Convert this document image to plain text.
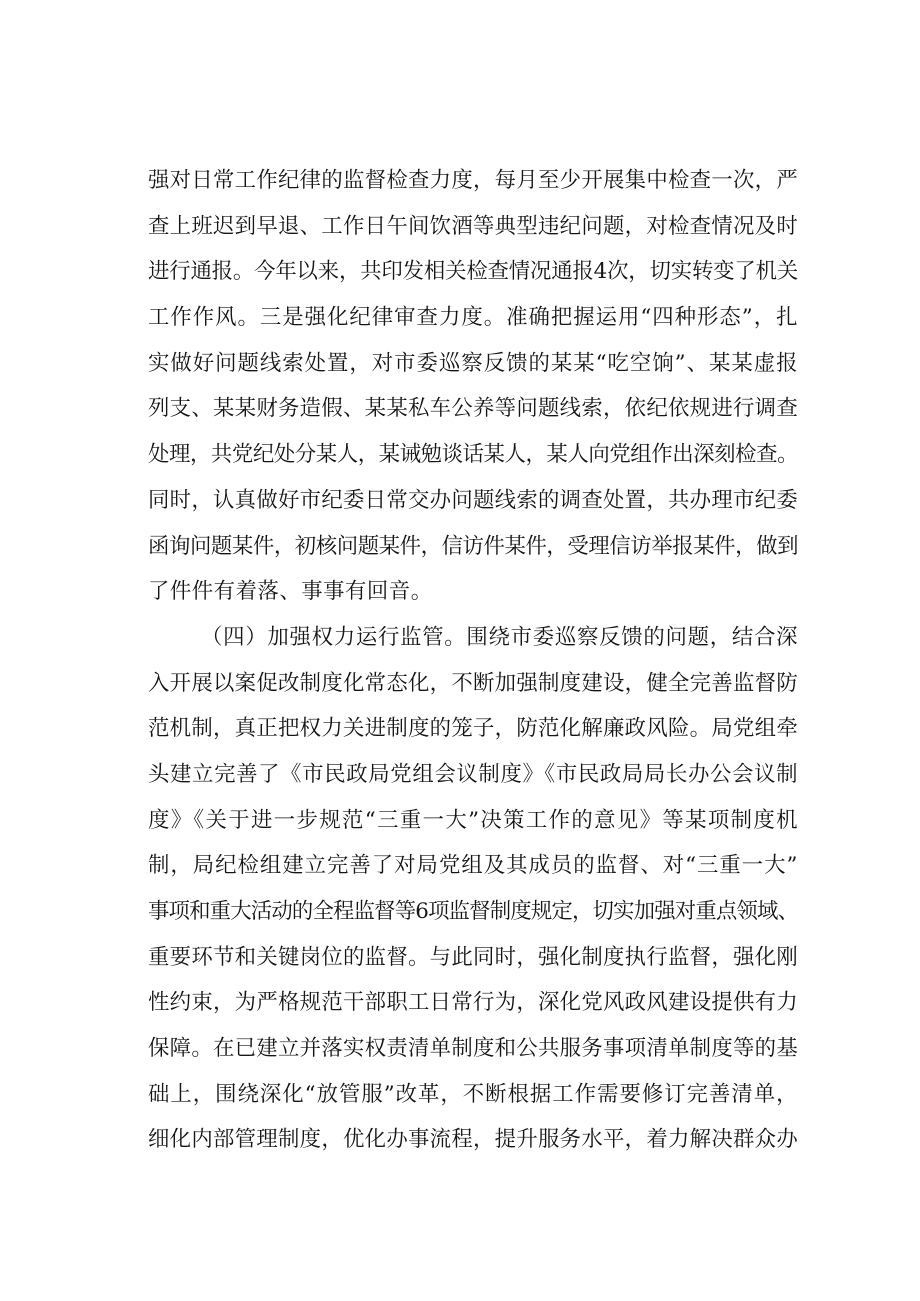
强对日常工作纪律的监督检查力度，每月至少开展集中检查一次，严
查上班迟到早退、工作日午间饮酒等典型违纪问题，对检查情况及时
进行通报。今年以来，共印发相关检查情况通报4次，切实转变了机关
工作作风。三是强化纪律审查力度。准确把握运用“四种形态”，扎
实做好问题线索处置，对市委巡察反馈的某某“吃空饷”、某某虚报
列支、某某财务造假、某某私车公养等问题线索，依纪依规进行调查
处理，共党纪处分某人，某诫勉谈话某人，某人向党组作出深刻检查。
同时，认真做好市纪委日常交办问题线索的调查处置，共办理市纪委
函询问题某件，初核问题某件，信访件某件，受理信访举报某件，做到
了件件有着落、事事有回音。
（四）加强权力运行监管。围绕市委巡察反馈的问题，结合深
入开展以案促改制度化常态化，不断加强制度建设，健全完善监督防
范机制，真正把权力关进制度的笼子，防范化解廉政风险。局党组牵
头建立完善了《市民政局党组会议制度》《市民政局局长办公会议制
度》《关于进一步规范“三重一大”决策工作的意见》等某项制度机
制，局纪检组建立完善了对局党组及其成员的监督、对“三重一大”
事项和重大活动的全程监督等6项监督制度规定，切实加强对重点领域、
重要环节和关键岗位的监督。与此同时，强化制度执行监督，强化刚
性约束，为严格规范干部职工日常行为，深化党风政风建设提供有力
保障。在已建立并落实权责清单制度和公共服务事项清单制度等的基
础上，围绕深化“放管服”改革，不断根据工作需要修订完善清单，
细化内部管理制度，优化办事流程，提升服务水平，着力解决群众办
